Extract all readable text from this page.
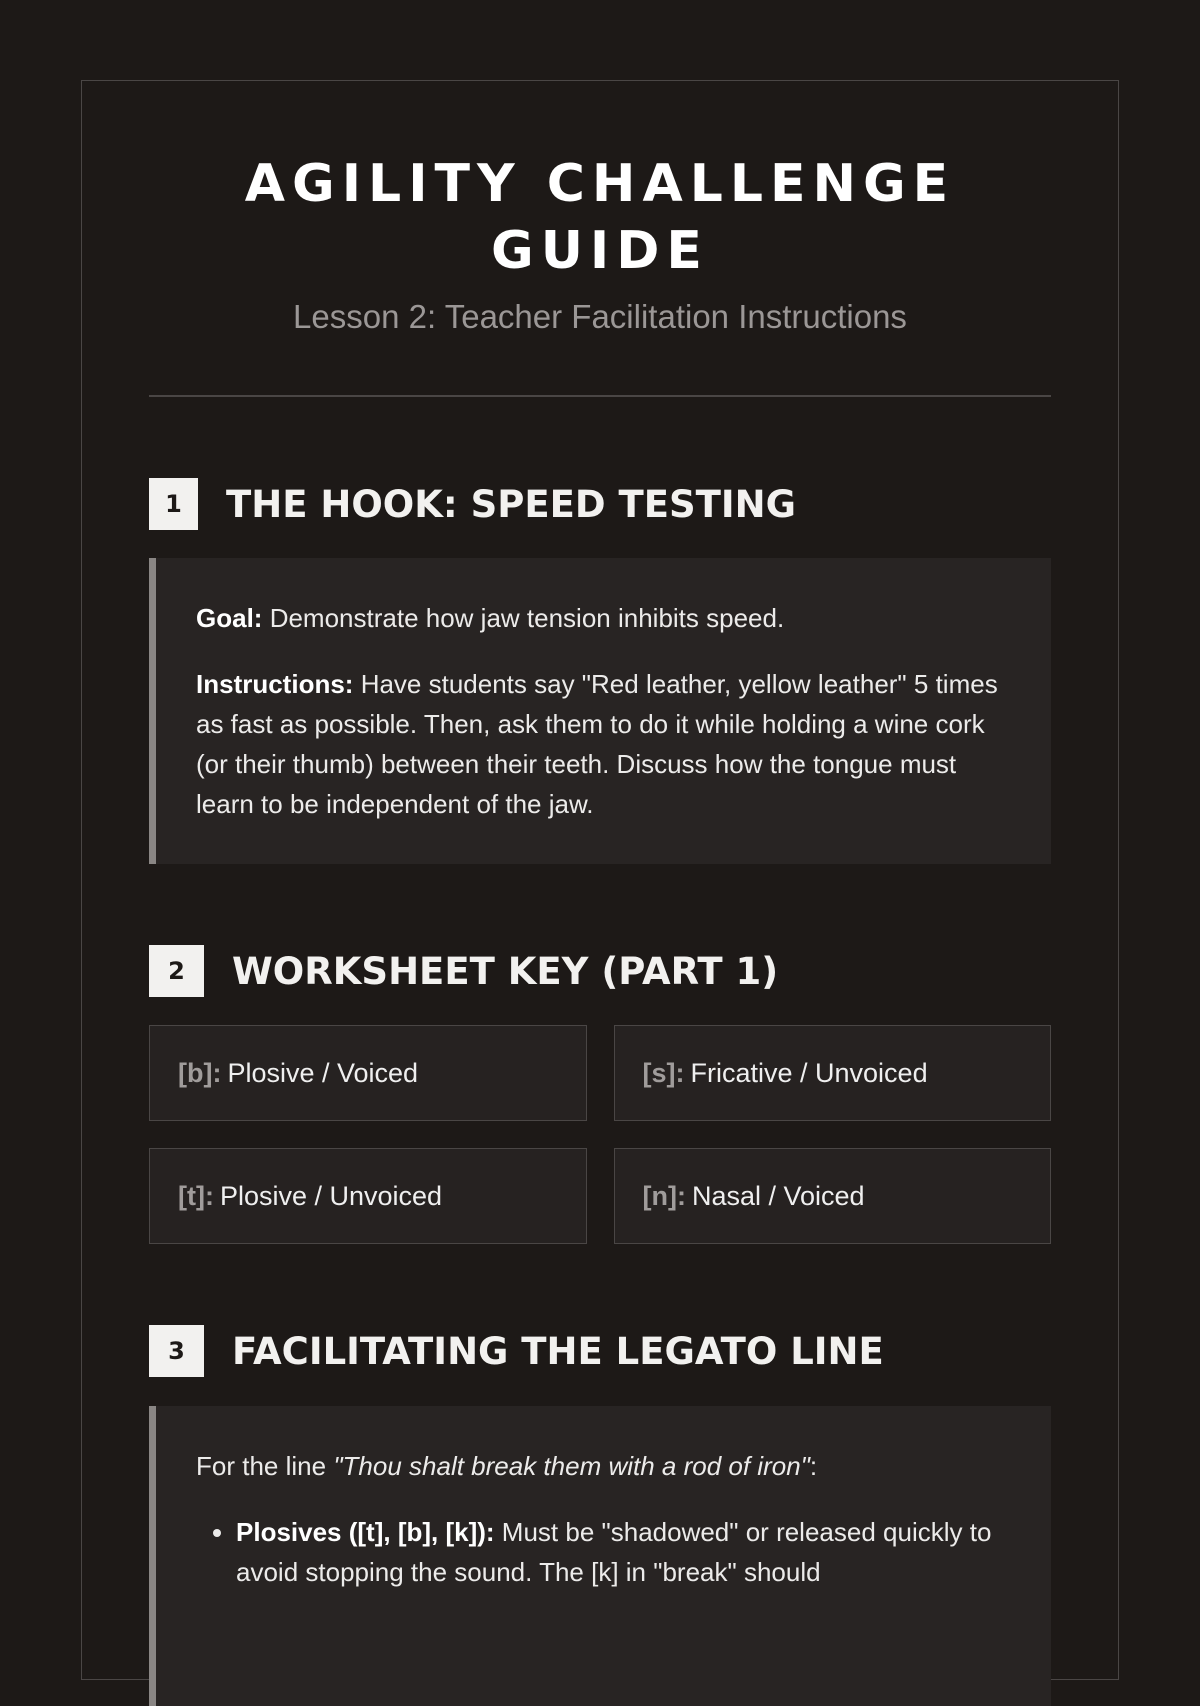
AGILITY CHALLENGE GUIDE
Lesson 2: Teacher Facilitation Instructions
1	THE HOOK: SPEED TESTING

Goal: Demonstrate how jaw tension inhibits speed.

Instructions: Have students say "Red leather, yellow leather" 5 times as fast as possible. Then, ask them to do it while holding a wine cork (or their thumb) between their teeth. Discuss how the tongue must learn to be independent of the jaw.

2	WORKSHEET KEY (PART 1)
[b]: Plosive / Voiced	[s]: Fricative / Unvoiced
[t]: Plosive / Unvoiced	[n]: Nasal / Voiced
3	FACILITATING THE LEGATO LINE

For the line "Thou shalt break them with a rod of iron":

• Plosives ([t], [b], [k]): Must be "shadowed" or released quickly to avoid stopping the sound. The [k] in "break" should
